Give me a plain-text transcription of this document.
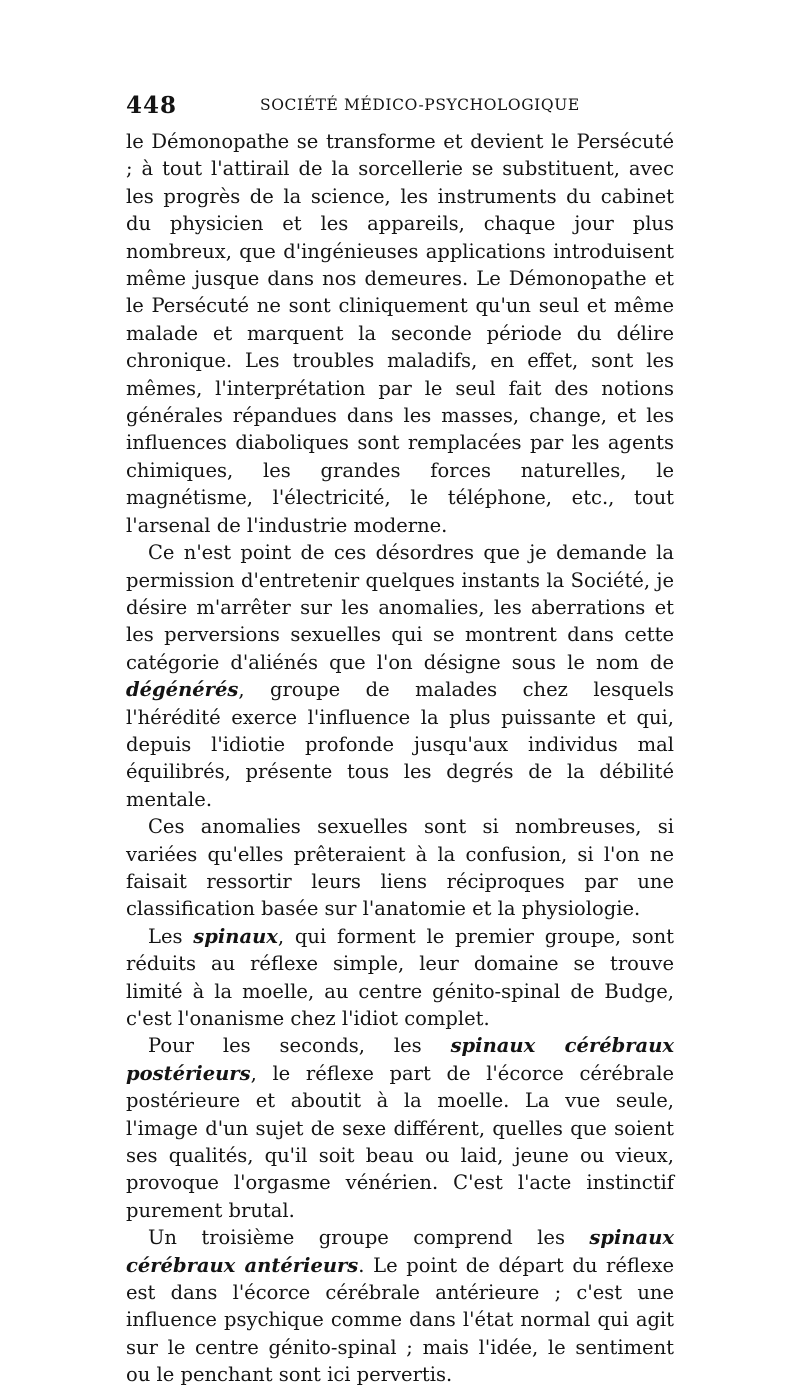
448	SOCIÉTÉ MÉDICO-PSYCHOLOGIQUE

le Démonopathe se transforme et devient le Persécuté ; à tout l'attirail de la sorcellerie se substituent, avec les progrès de la science, les instruments du cabinet du physicien et les appareils, chaque jour plus nombreux, que d'ingénieuses applications introduisent même jusque dans nos demeures. Le Démonopathe et le Persécuté ne sont cliniquement qu'un seul et même malade et marquent la seconde période du délire chronique. Les troubles maladifs, en effet, sont les mêmes, l'interprétation par le seul fait des notions générales répandues dans les masses, change, et les influences diaboliques sont remplacées par les agents chimiques, les grandes forces naturelles, le magnétisme, l'électricité, le téléphone, etc., tout l'arsenal de l'industrie moderne.

Ce n'est point de ces désordres que je demande la permission d'entretenir quelques instants la Société, je désire m'arrêter sur les anomalies, les aberrations et les perversions sexuelles qui se montrent dans cette catégorie d'aliénés que l'on désigne sous le nom de dégénérés, groupe de malades chez lesquels l'hérédité exerce l'influence la plus puissante et qui, depuis l'idiotie profonde jusqu'aux individus mal équilibrés, présente tous les degrés de la débilité mentale.

Ces anomalies sexuelles sont si nombreuses, si variées qu'elles prêteraient à la confusion, si l'on ne faisait ressortir leurs liens réciproques par une classification basée sur l'anatomie et la physiologie.

Les spinaux, qui forment le premier groupe, sont réduits au réflexe simple, leur domaine se trouve limité à la moelle, au centre génito-spinal de Budge, c'est l'onanisme chez l'idiot complet.

Pour les seconds, les spinaux cérébraux postérieurs, le réflexe part de l'écorce cérébrale postérieure et aboutit à la moelle. La vue seule, l'image d'un sujet de sexe différent, quelles que soient ses qualités, qu'il soit beau ou laid, jeune ou vieux, provoque l'orgasme vénérien. C'est l'acte instinctif purement brutal.

Un troisième groupe comprend les spinaux cérébraux antérieurs. Le point de départ du réflexe est dans l'écorce cérébrale antérieure ; c'est une influence psychique comme dans l'état normal qui agit sur le centre génito-spinal ; mais l'idée, le sentiment ou le penchant sont ici pervertis.
